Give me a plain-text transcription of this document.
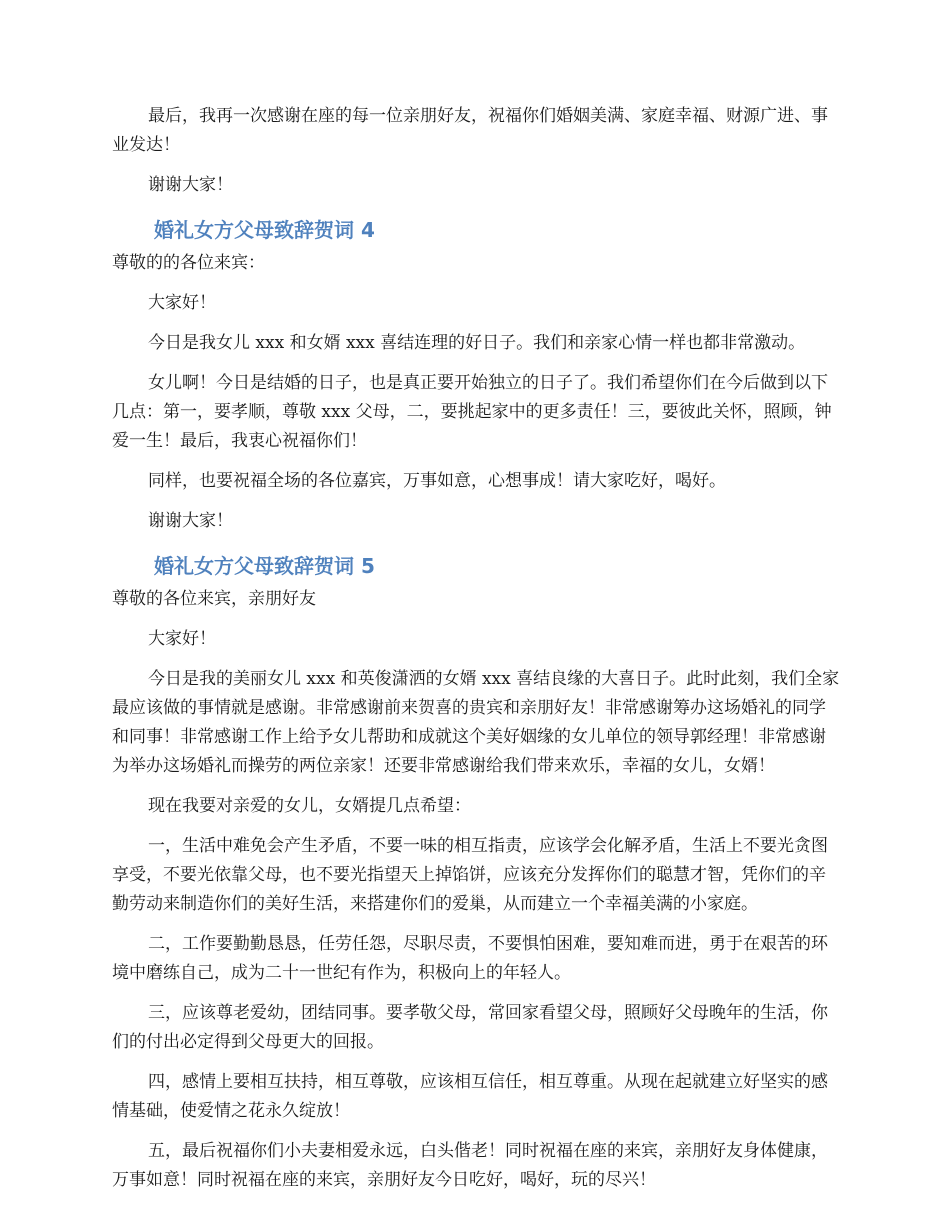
最后，我再一次感谢在座的每一位亲朋好友，祝福你们婚姻美满、家庭幸福、财源广进、事业发达！

谢谢大家！

婚礼女方父母致辞贺词 4

尊敬的的各位来宾：

大家好！

今日是我女儿 xxx 和女婿 xxx 喜结连理的好日子。我们和亲家心情一样也都非常激动。

女儿啊！今日是结婚的日子，也是真正要开始独立的日子了。我们希望你们在今后做到以下几点：第一，要孝顺，尊敬 xxx 父母，二，要挑起家中的更多责任！三，要彼此关怀，照顾，钟爱一生！最后，我衷心祝福你们！

同样，也要祝福全场的各位嘉宾，万事如意，心想事成！请大家吃好，喝好。

谢谢大家！

婚礼女方父母致辞贺词 5

尊敬的各位来宾，亲朋好友

大家好！

今日是我的美丽女儿 xxx 和英俊潇洒的女婿 xxx 喜结良缘的大喜日子。此时此刻，我们全家最应该做的事情就是感谢。非常感谢前来贺喜的贵宾和亲朋好友！非常感谢筹办这场婚礼的同学和同事！非常感谢工作上给予女儿帮助和成就这个美好姻缘的女儿单位的领导郭经理！非常感谢为举办这场婚礼而操劳的两位亲家！还要非常感谢给我们带来欢乐，幸福的女儿，女婿！

现在我要对亲爱的女儿，女婿提几点希望：

一，生活中难免会产生矛盾，不要一味的相互指责，应该学会化解矛盾，生活上不要光贪图享受，不要光依靠父母，也不要光指望天上掉馅饼，应该充分发挥你们的聪慧才智，凭你们的辛勤劳动来制造你们的美好生活，来搭建你们的爱巢，从而建立一个幸福美满的小家庭。

二，工作要勤勤恳恳，任劳任怨，尽职尽责，不要惧怕困难，要知难而进，勇于在艰苦的环境中磨练自己，成为二十一世纪有作为，积极向上的年轻人。

三，应该尊老爱幼，团结同事。要孝敬父母，常回家看望父母，照顾好父母晚年的生活，你们的付出必定得到父母更大的回报。

四，感情上要相互扶持，相互尊敬，应该相互信任，相互尊重。从现在起就建立好坚实的感情基础，使爱情之花永久绽放！

五，最后祝福你们小夫妻相爱永远，白头偕老！同时祝福在座的来宾，亲朋好友身体健康，万事如意！同时祝福在座的来宾，亲朋好友今日吃好，喝好，玩的尽兴！
